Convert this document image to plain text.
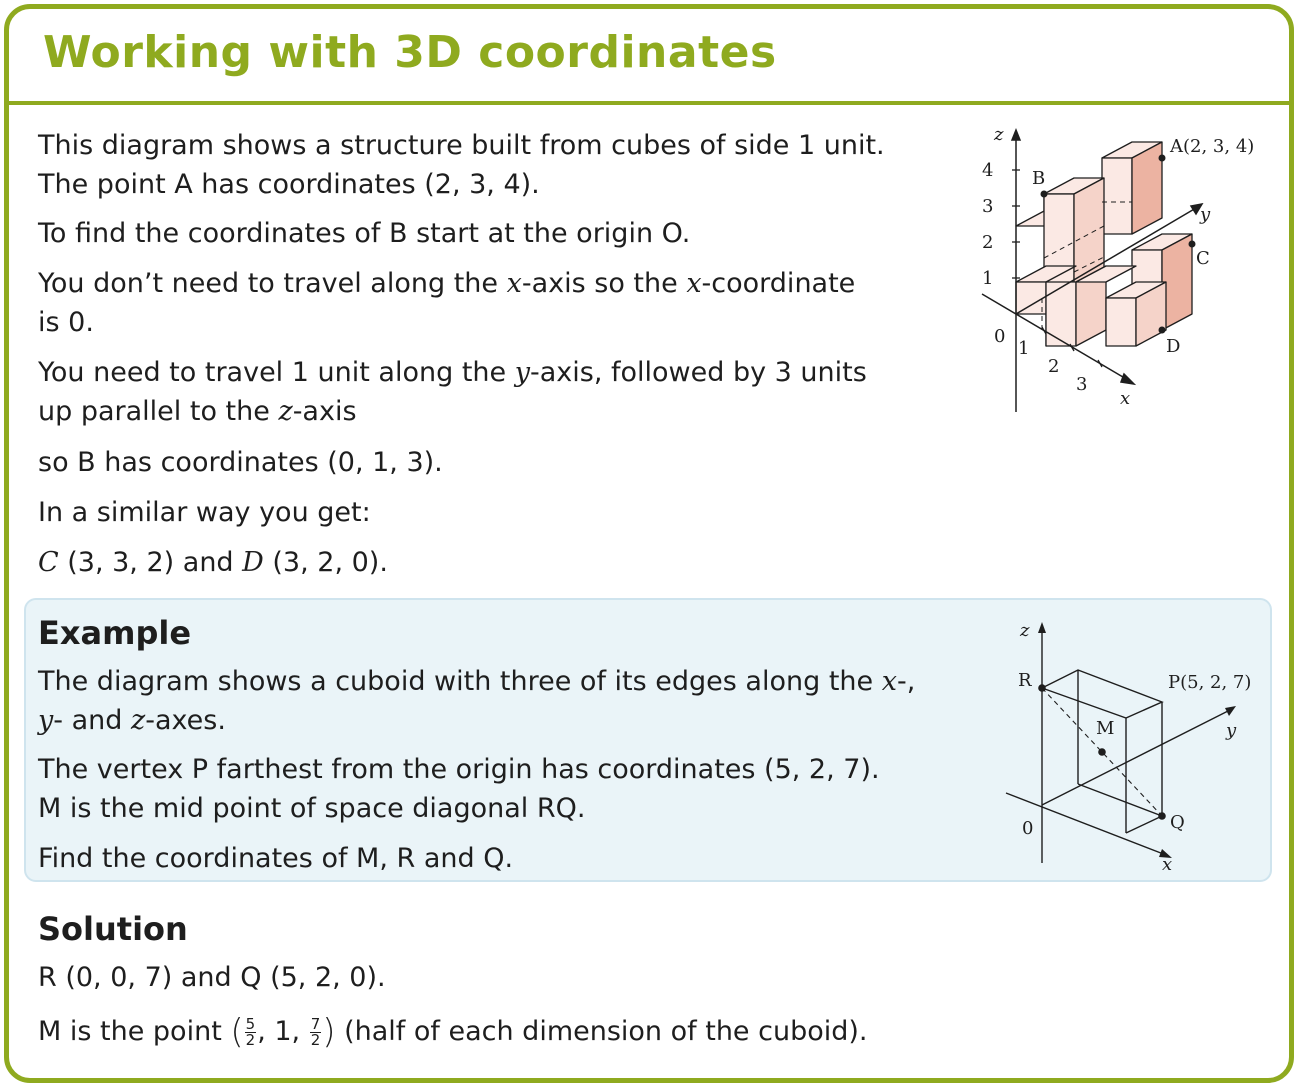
Working with 3D coordinates
This diagram shows a structure built from cubes of side 1 unit.
The point A has coordinates (2, 3, 4).
To find the coordinates of B start at the origin O.
You don’t need to travel along the x-axis so the x-coordinate
is 0.
You need to travel 1 unit along the y-axis, followed by 3 units
up parallel to the z-axis
so B has coordinates (0, 1, 3).
In a similar way you get:
C (3, 3, 2) and D (3, 2, 0).
z
y
x
4
3
2
1
0
1
2
3
A(2, 3, 4)
B
C
D
Example
The diagram shows a cuboid with three of its edges along the x-,
y- and z-axes.
The vertex P farthest from the origin has coordinates (5, 2, 7).
M is the mid point of space diagonal RQ.
Find the coordinates of M, R and Q.
z
y
x
0
R	P(5, 2, 7)
M
Q
Solution
R (0, 0, 7) and Q (5, 2, 0).
M is the point ( $\frac{5}{2}$ , 1, $\frac{7}{2}$ ) (half of each dimension of the cuboid).
